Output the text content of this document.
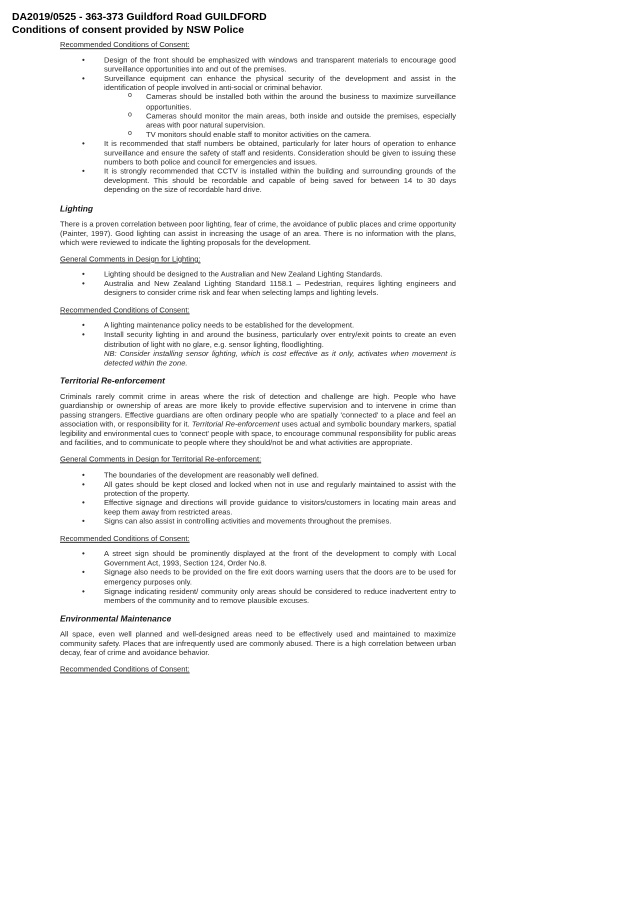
DA2019/0525 - 363-373 Guildford Road GUILDFORD
Conditions of consent provided by NSW Police
Recommended Conditions of Consent:
• Design of the front should be emphasized with windows and transparent materials to encourage good surveillance opportunities into and out of the premises.
• Surveillance equipment can enhance the physical security of the development and assist in the identification of people involved in anti-social or criminal behavior.
o Cameras should be installed both within the around the business to maximize surveillance opportunities.
o Cameras should monitor the main areas, both inside and outside the premises, especially areas with poor natural supervision.
o TV monitors should enable staff to monitor activities on the camera.
• It is recommended that staff numbers be obtained, particularly for later hours of operation to enhance surveillance and ensure the safety of staff and residents. Consideration should be given to issuing these numbers to both police and council for emergencies and issues.
• It is strongly recommended that CCTV is installed within the building and surrounding grounds of the development. This should be recordable and capable of being saved for between 14 to 30 days depending on the size of recordable hard drive.
Lighting
There is a proven correlation between poor lighting, fear of crime, the avoidance of public places and crime opportunity (Painter, 1997). Good lighting can assist in increasing the usage of an area. There is no information with the plans, which were reviewed to indicate the lighting proposals for the development.
General Comments in Design for Lighting:
• Lighting should be designed to the Australian and New Zealand Lighting Standards.
• Australia and New Zealand Lighting Standard 1158.1 – Pedestrian, requires lighting engineers and designers to consider crime risk and fear when selecting lamps and lighting levels.
Recommended Conditions of Consent:
• A lighting maintenance policy needs to be established for the development.
• Install security lighting in and around the business, particularly over entry/exit points to create an even distribution of light with no glare, e.g. sensor lighting, floodlighting.
NB: Consider installing sensor lighting, which is cost effective as it only, activates when movement is detected within the zone.
Territorial Re-enforcement
Criminals rarely commit crime in areas where the risk of detection and challenge are high. People who have guardianship or ownership of areas are more likely to provide effective supervision and to intervene in crime than passing strangers. Effective guardians are often ordinary people who are spatially 'connected' to a place and feel an association with, or responsibility for it. Territorial Re-enforcement uses actual and symbolic boundary markers, spatial legibility and environmental cues to 'connect' people with space, to encourage communal responsibility for public areas and facilities, and to communicate to people where they should/not be and what activities are appropriate.
General Comments in Design for Territorial Re-enforcement:
• The boundaries of the development are reasonably well defined.
• All gates should be kept closed and locked when not in use and regularly maintained to assist with the protection of the property.
• Effective signage and directions will provide guidance to visitors/customers in locating main areas and keep them away from restricted areas.
• Signs can also assist in controlling activities and movements throughout the premises.
Recommended Conditions of Consent:
• A street sign should be prominently displayed at the front of the development to comply with Local Government Act, 1993, Section 124, Order No.8.
• Signage also needs to be provided on the fire exit doors warning users that the doors are to be used for emergency purposes only.
• Signage indicating resident/ community only areas should be considered to reduce inadvertent entry to members of the community and to remove plausible excuses.
Environmental Maintenance
All space, even well planned and well-designed areas need to be effectively used and maintained to maximize community safety. Places that are infrequently used are commonly abused. There is a high correlation between urban decay, fear of crime and avoidance behavior.
Recommended Conditions of Consent:
